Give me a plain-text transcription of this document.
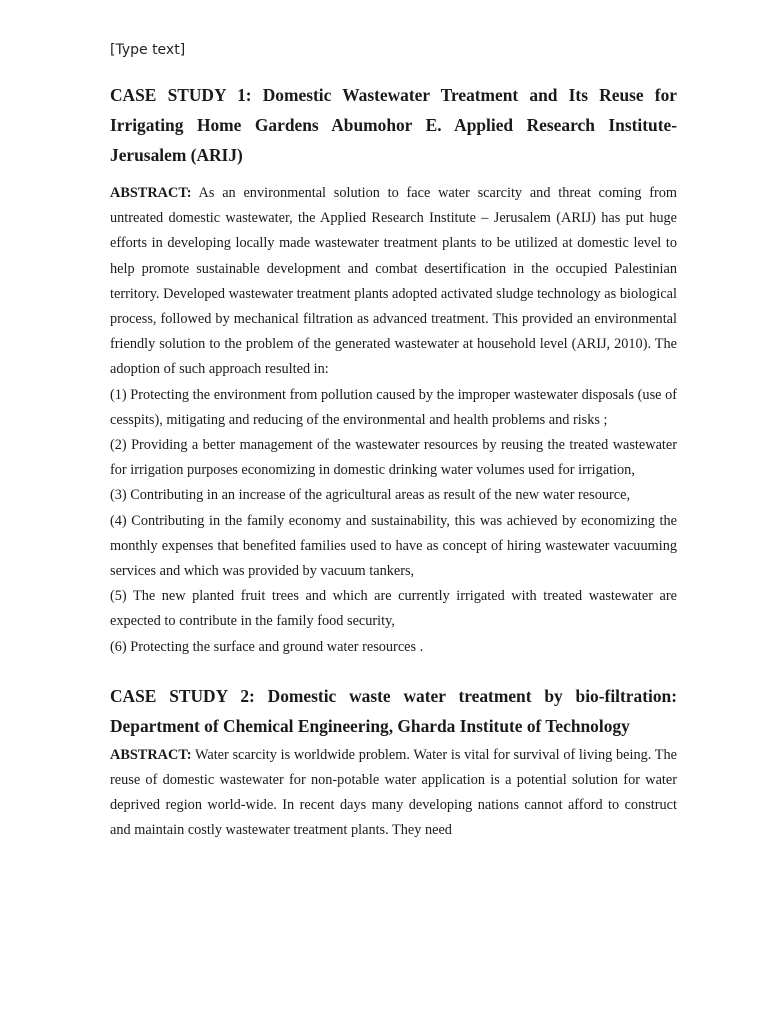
[Type text]

CASE STUDY 1: Domestic Wastewater Treatment and Its Reuse for Irrigating Home Gardens Abumohor E. Applied Research Institute-Jerusalem (ARIJ)

ABSTRACT: As an environmental solution to face water scarcity and threat coming from untreated domestic wastewater, the Applied Research Institute – Jerusalem (ARIJ) has put huge efforts in developing locally made wastewater treatment plants to be utilized at domestic level to help promote sustainable development and combat desertification in the occupied Palestinian territory. Developed wastewater treatment plants adopted activated sludge technology as biological process, followed by mechanical filtration as advanced treatment. This provided an environmental friendly solution to the problem of the generated wastewater at household level (ARIJ, 2010). The adoption of such approach resulted in:

(1) Protecting the environment from pollution caused by the improper wastewater disposals (use of cesspits), mitigating and reducing of the environmental and health problems and risks ;

(2) Providing a better management of the wastewater resources by reusing the treated wastewater for irrigation purposes economizing in domestic drinking water volumes used for irrigation,

(3) Contributing in an increase of the agricultural areas as result of the new water resource,

(4) Contributing in the family economy and sustainability, this was achieved by economizing the monthly expenses that benefited families used to have as concept of hiring wastewater vacuuming services and which was provided by vacuum tankers,

(5) The new planted fruit trees and which are currently irrigated with treated wastewater are expected to contribute in the family food security,

(6) Protecting the surface and ground water resources .

CASE STUDY 2: Domestic waste water treatment by bio-filtration: Department of Chemical Engineering, Gharda Institute of Technology

ABSTRACT: Water scarcity is worldwide problem. Water is vital for survival of living being. The reuse of domestic wastewater for non-potable water application is a potential solution for water deprived region world-wide. In recent days many developing nations cannot afford to construct and maintain costly wastewater treatment plants. They need
